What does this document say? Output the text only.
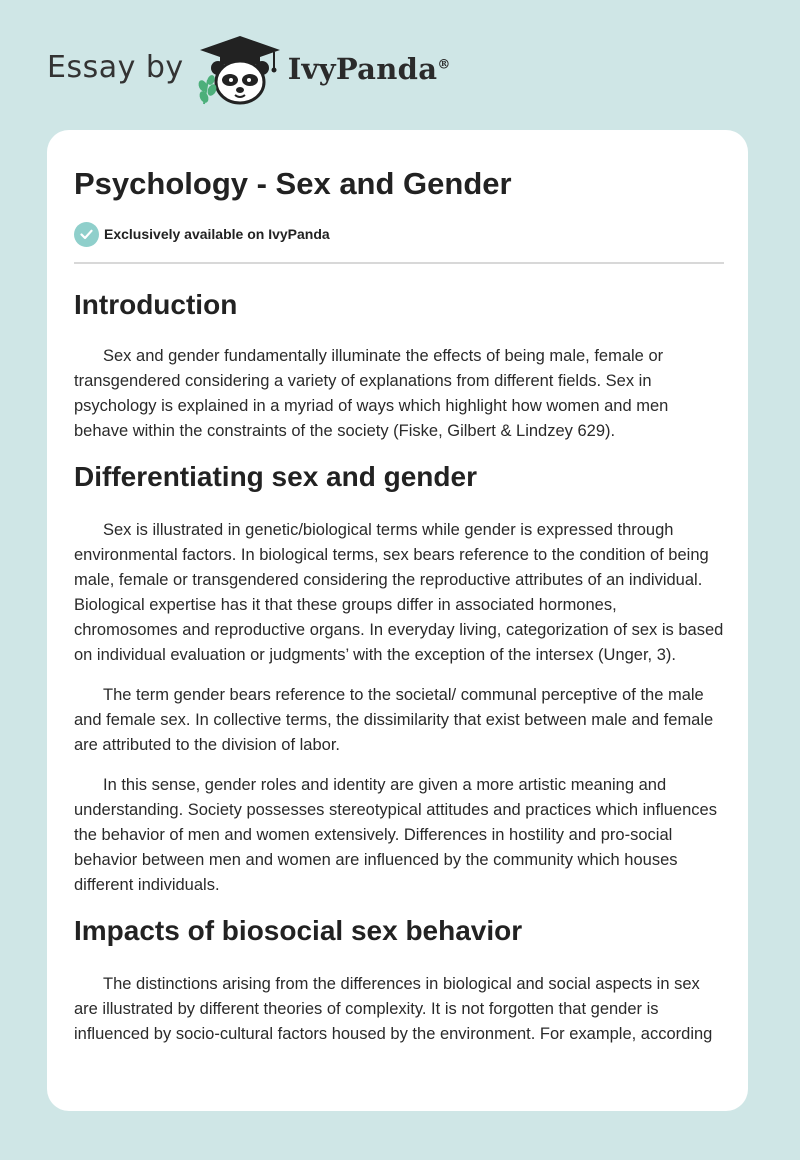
Essay by	IvyPanda®
Psychology - Sex and Gender
Exclusively available on IvyPanda
Introduction

Sex and gender fundamentally illuminate the effects of being male, female or transgendered considering a variety of explanations from different fields. Sex in psychology is explained in a myriad of ways which highlight how women and men behave within the constraints of the society (Fiske, Gilbert & Lindzey 629).

Differentiating sex and gender

Sex is illustrated in genetic/biological terms while gender is expressed through environmental factors. In biological terms, sex bears reference to the condition of being male, female or transgendered considering the reproductive attributes of an individual. Biological expertise has it that these groups differ in associated hormones, chromosomes and reproductive organs. In everyday living, categorization of sex is based on individual evaluation or judgments’ with the exception of the intersex (Unger, 3).

The term gender bears reference to the societal/ communal perceptive of the male and female sex. In collective terms, the dissimilarity that exist between male and female are attributed to the division of labor.

In this sense, gender roles and identity are given a more artistic meaning and understanding. Society possesses stereotypical attitudes and practices which influences the behavior of men and women extensively. Differences in hostility and pro-social behavior between men and women are influenced by the community which houses different individuals.

Impacts of biosocial sex behavior

The distinctions arising from the differences in biological and social aspects in sex are illustrated by different theories of complexity. It is not forgotten that gender is influenced by socio-cultural factors housed by the environment. For example, according
